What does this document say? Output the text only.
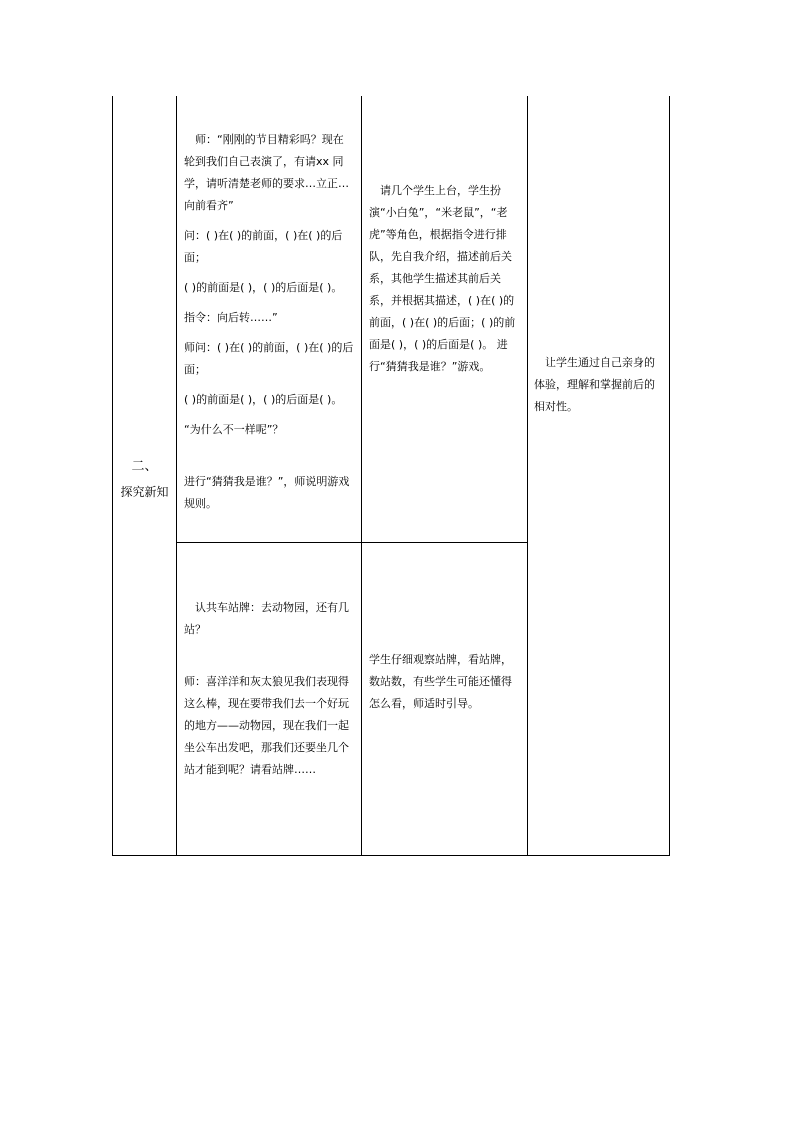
二、
探究新知

　师：“刚刚的节目精彩吗？现在轮到我们自己表演了，有请xx 同学，请听清楚老师的要求…立正…向前看齐”

问：( )在( )的前面，( )在( )的后面；

( )的前面是( )，( )的后面是( )。

指令：向后转……”

师问：( )在( )的前面，( )在( )的后面；

( )的前面是( )，( )的后面是( )。

“为什么不一样呢”？

进行“猜猜我是谁？”，师说明游戏规则。

　请几个学生上台，学生扮演“小白兔”，“米老鼠”，“老虎”等角色，根据指令进行排队，先自我介绍，描述前后关系，其他学生描述其前后关系，并根据其描述，( )在( )的前面，( )在( )的后面；( )的前面是( )，( )的后面是( )。 进行“猜猜我是谁？”游戏。	　让学生通过自己亲身的体验，理解和掌握前后的相对性。

　认共车站牌：去动物园，还有几站？

师：喜洋洋和灰太狼见我们表现得这么棒，现在要带我们去一个好玩的地方——动物园，现在我们一起坐公车出发吧，那我们还要坐几个站才能到呢？请看站牌……

学生仔细观察站牌，看站牌，数站数，有些学生可能还懂得怎么看，师适时引导。
